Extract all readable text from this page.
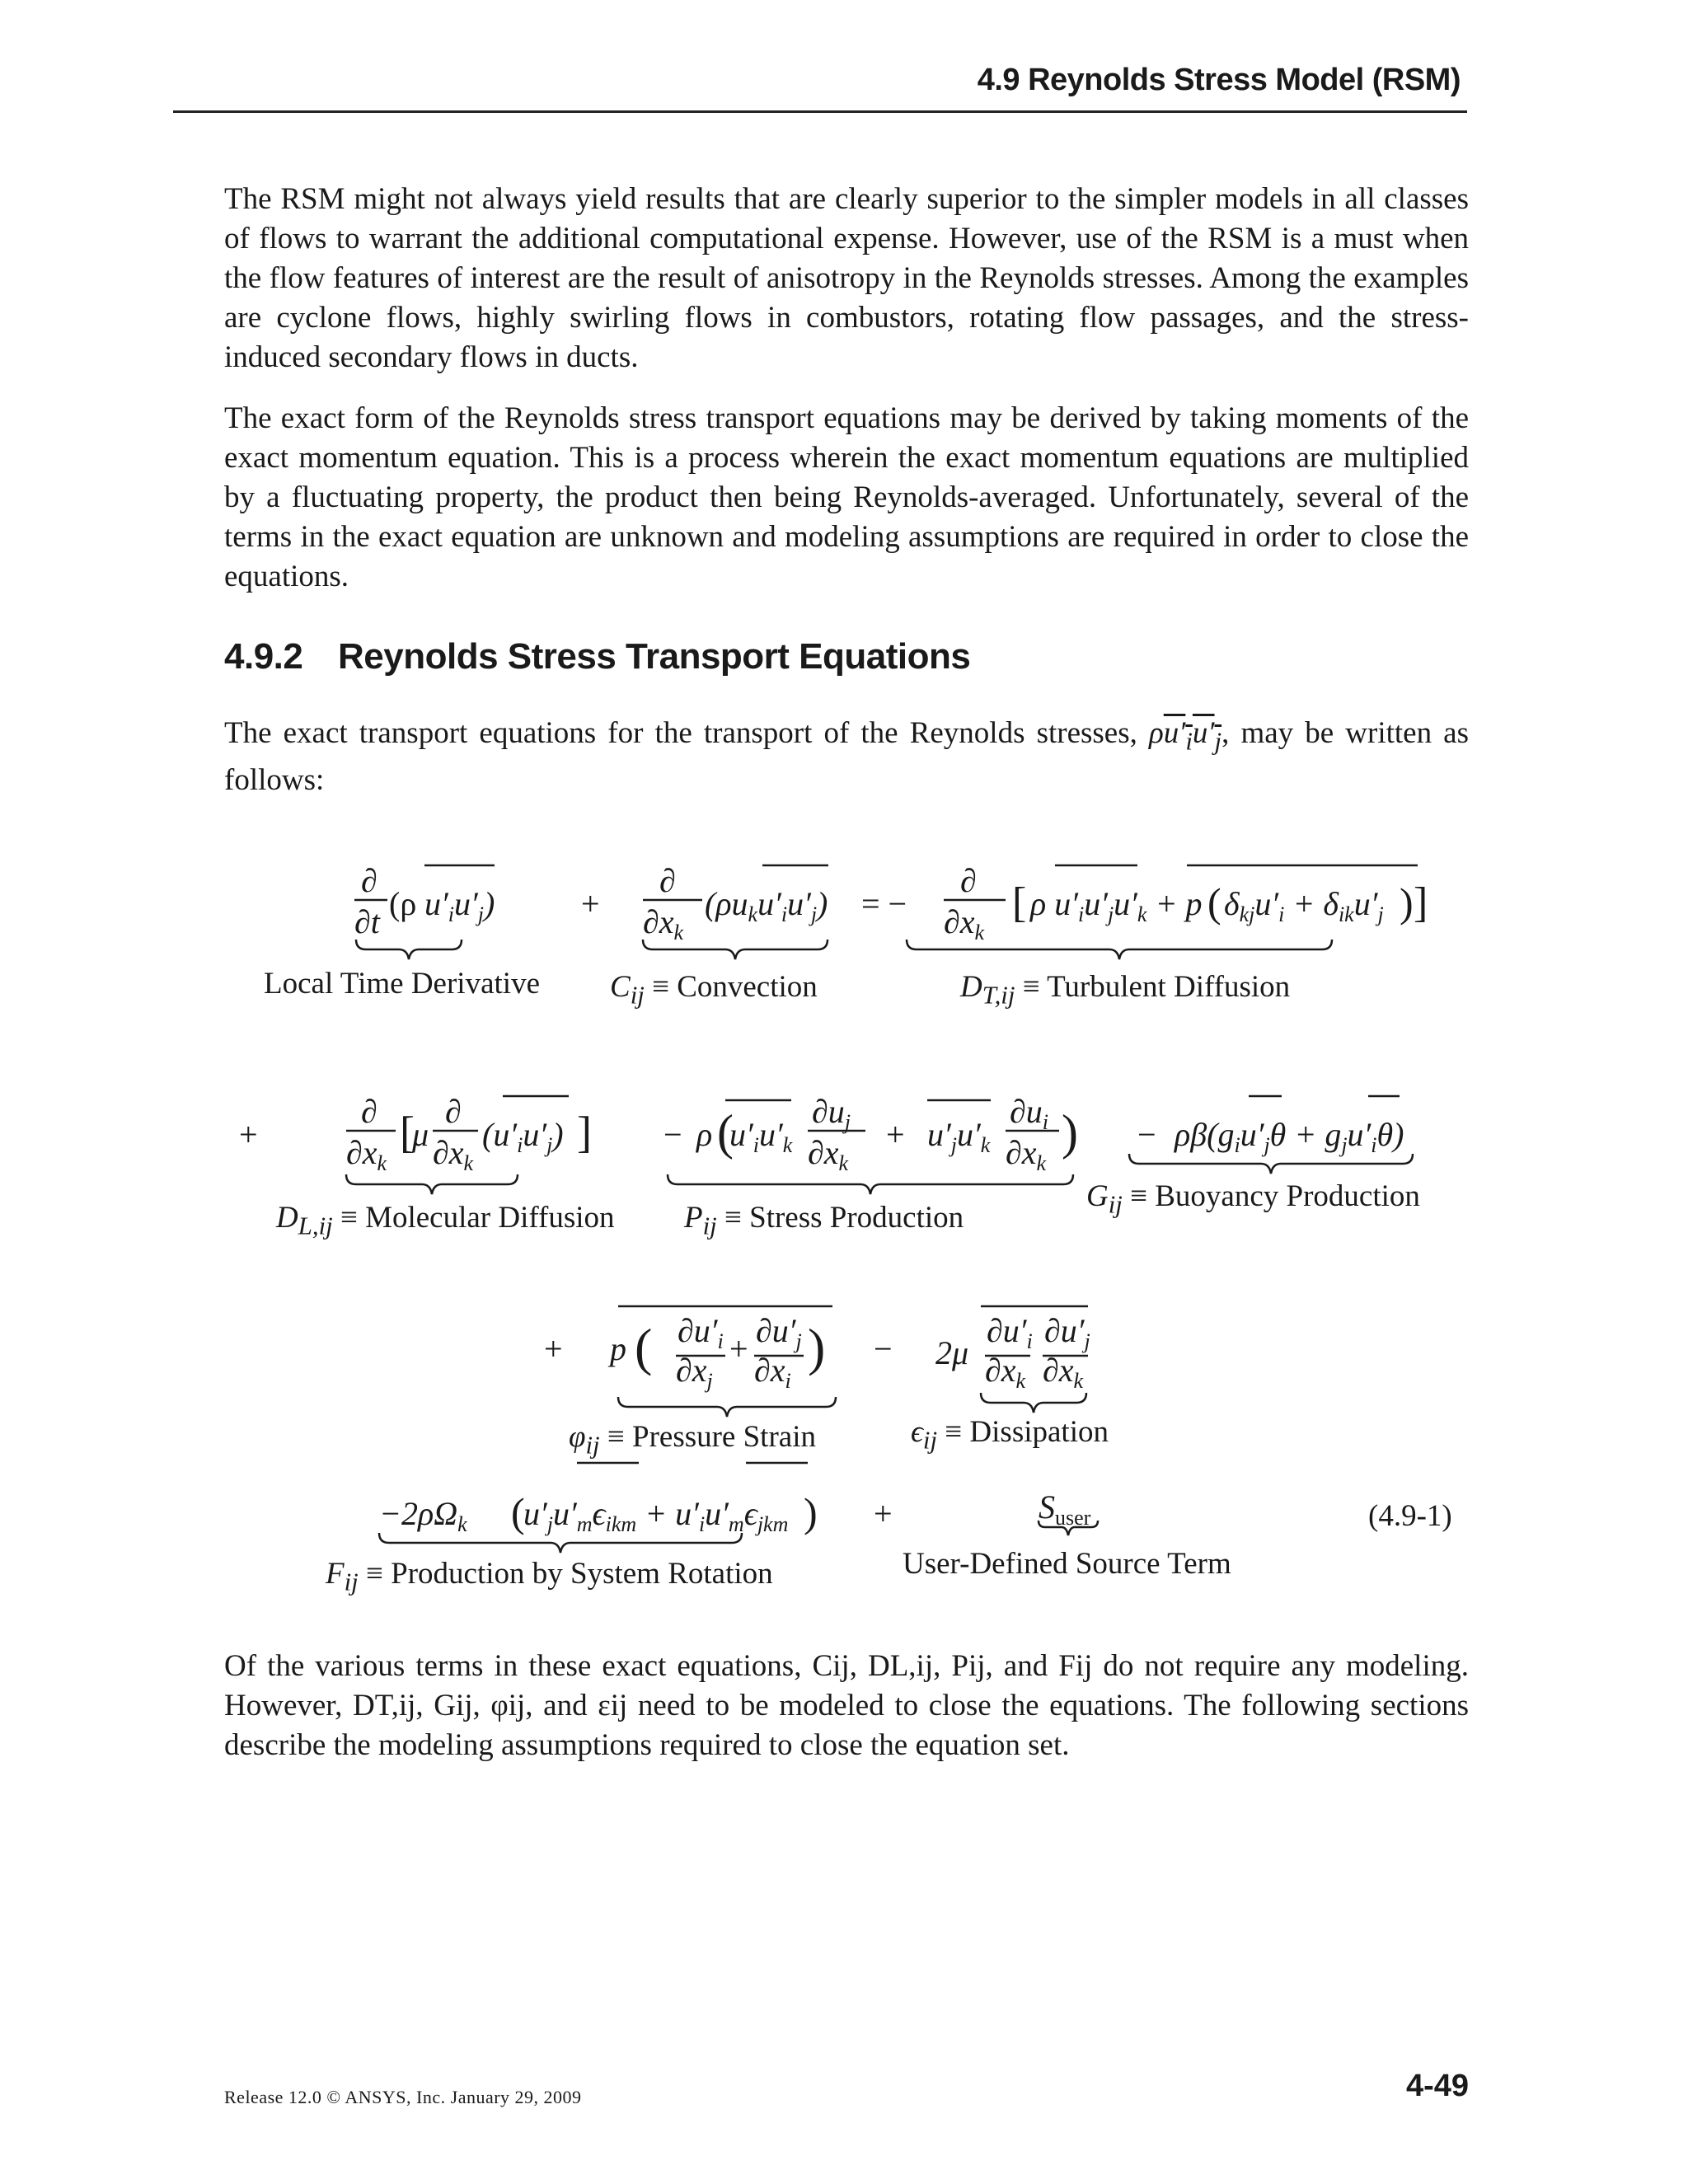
4.9 Reynolds Stress Model (RSM)

The RSM might not always yield results that are clearly superior to the simpler models in all classes of flows to warrant the additional computational expense. However, use of the RSM is a must when the flow features of interest are the result of anisotropy in the Reynolds stresses. Among the examples are cyclone flows, highly swirling flows in combustors, rotating flow passages, and the stress-induced secondary flows in ducts.

The exact form of the Reynolds stress transport equations may be derived by taking moments of the exact momentum equation. This is a process wherein the exact momentum equations are multiplied by a fluctuating property, the product then being Reynolds-averaged. Unfortunately, several of the terms in the exact equation are unknown and modeling assumptions are required in order to close the equations.

4.9.2 Reynolds Stress Transport Equations

The exact transport equations for the transport of the Reynolds stresses, $\rho u'_iu'_j$, may be written as follows:

∂
∂t (ρ $u'_iu'_j$)	+
∂
$\partial x_k$
$(\rho u_ku'_iu'_j)$ = −
∂
$\partial x_k$
[ ρ $u'_iu'_ju'_k + p$ ( $\delta_{kj}u'_i + \delta_{ik}u'_j$ ) ]
+
∂
$\partial x_k$
[
μ
∂
$\partial x_k$
$(u'_iu'_j)$ ] − ρ (
$u'_iu'_k$
$\partial u_j$
$\partial x_k$
+ $u'_ju'_k$
$\partial u_i$
$\partial x_k$
) − $\rho\beta(g_iu'_j\theta + g_ju'_i\theta)$
+ p ( $\partial u'_i$
$\partial x_j$
+ $\partial u'_j$
$\partial x_i$
) − 2μ
$\partial u'_i$
$\partial x_k$
$\partial u'_j$
$\partial x_k$
$-2\rho\Omega_k$ (
$u'_ju'_m\epsilon_{ikm} + u'_iu'_m\epsilon_{jkm}$ ) +	$S_{user}$
Local Time Derivative $C_{ij}$ ≡ Convection	$D_{T,ij}$ ≡ Turbulent Diffusion
$D_{L,ij}$ ≡ Molecular Diffusion $P_{ij}$ ≡ Stress Production
$G_{ij}$ ≡ Buoyancy Production
$\varphi_{ij}$ ≡ Pressure Strain	$\epsilon_{ij}$ ≡ Dissipation
$F_{ij}$ ≡ Production by System Rotation	User-Defined Source Term
(4.9-1)

Of the various terms in these exact equations, Cij, DL,ij, Pij, and Fij do not require any modeling. However, DT,ij, Gij, φij, and εij need to be modeled to close the equations. The following sections describe the modeling assumptions required to close the equation set.

Release 12.0 © ANSYS, Inc. January 29, 2009	4-49
